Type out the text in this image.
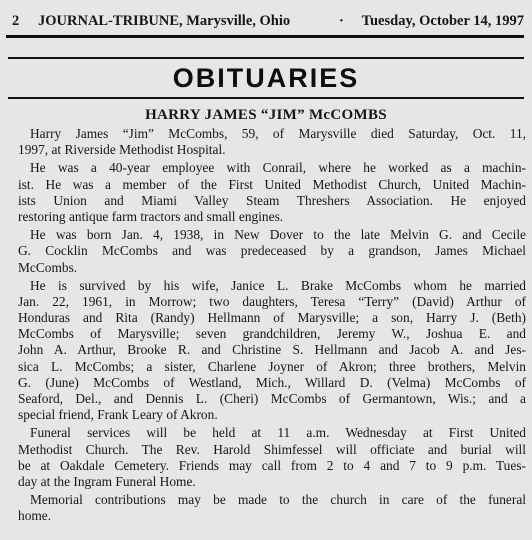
2 JOURNAL-TRIBUNE, Marysville, Ohio	· Tuesday, October 14, 1997
OBITUARIES
HARRY JAMES “JIM” McCOMBS
Harry James “Jim” McCombs, 59, of Marysville died Saturday, Oct. 11,
1997, at Riverside Methodist Hospital.
He was a 40-year employee with Conrail, where he worked as a machin-
ist. He was a member of the First United Methodist Church, United Machin-
ists Union and Miami Valley Steam Threshers Association. He enjoyed
restoring antique farm tractors and small engines.
He was born Jan. 4, 1938, in New Dover to the late Melvin G. and Cecile
G. Cocklin McCombs and was predeceased by a grandson, James Michael
McCombs.
He is survived by his wife, Janice L. Brake McCombs whom he married
Jan. 22, 1961, in Morrow; two daughters, Teresa “Terry” (David) Arthur of
Honduras and Rita (Randy) Hellmann of Marysville; a son, Harry J. (Beth)
McCombs of Marysville; seven grandchildren, Jeremy W., Joshua E. and
John A. Arthur, Brooke R. and Christine S. Hellmann and Jacob A. and Jes-
sica L. McCombs; a sister, Charlene Joyner of Akron; three brothers, Melvin
G. (June) McCombs of Westland, Mich., Willard D. (Velma) McCombs of
Seaford, Del., and Dennis L. (Cheri) McCombs of Germantown, Wis.; and a
special friend, Frank Leary of Akron.
Funeral services will be held at 11 a.m. Wednesday at First United
Methodist Church. The Rev. Harold Shimfessel will officiate and burial will
be at Oakdale Cemetery. Friends may call from 2 to 4 and 7 to 9 p.m. Tues-
day at the Ingram Funeral Home.
Memorial contributions may be made to the church in care of the funeral
home.
